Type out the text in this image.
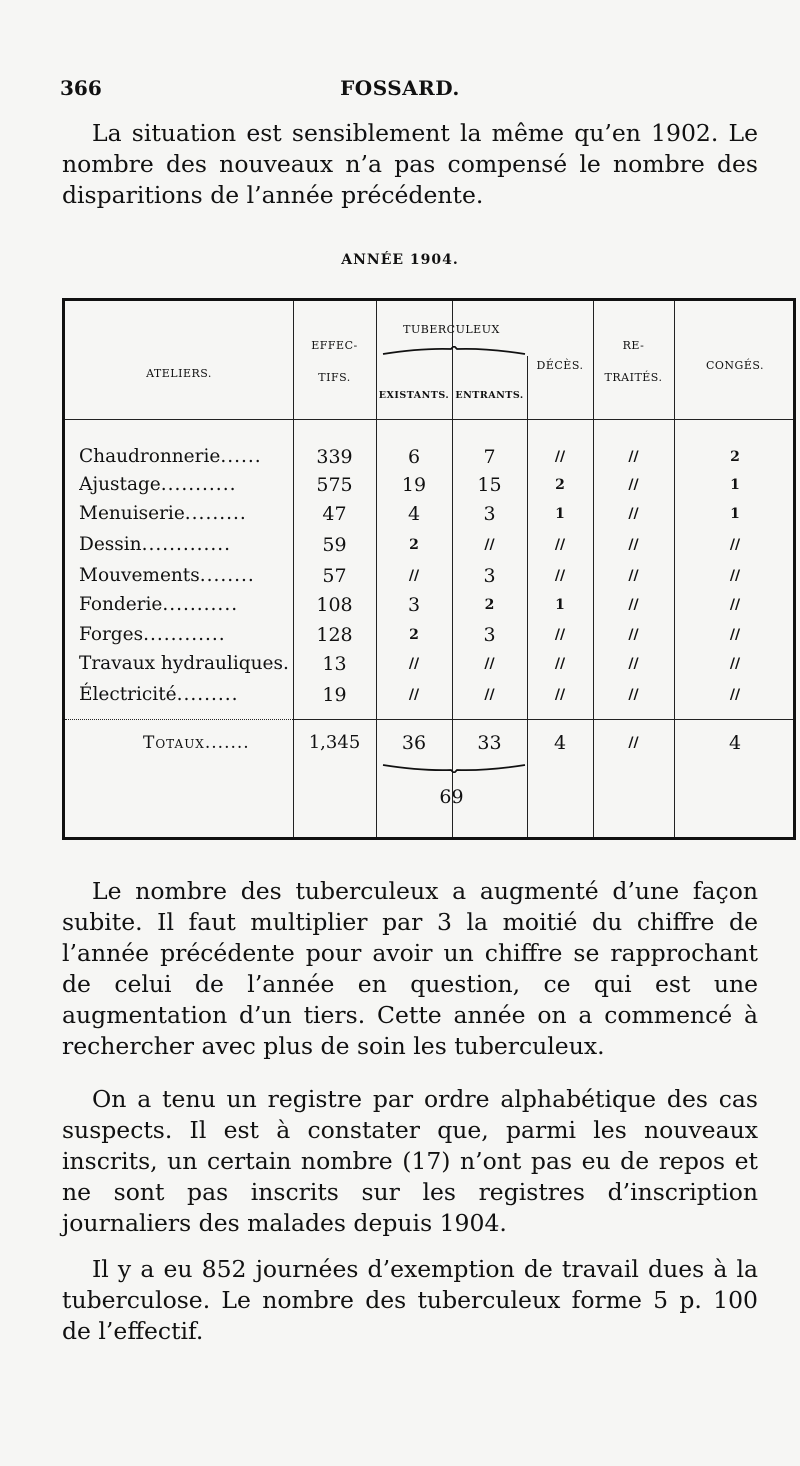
366	FOSSARD.
La situation est sensiblement la même qu’en 1902. Le nombre des nouveaux n’a pas compensé le nombre des disparitions de l’année précédente.
ANNÉE 1904.
ATELIERS.
EFFEC-
TIFS.
TUBERCULEUX
EXISTANTS. ENTRANTS.
DÉCÈS.
RE-
TRAITÉS.
CONGÉS.
Chaudronnerie......	339	6	7	//	//	2
Ajustage...........	575	19	15	2	//	1
Menuiserie.........	47	4	3	1	//	1
Dessin.............	59	2	//	//	//	//
Mouvements........	57	//	3	//	//	//
Fonderie...........	108	3	2	1	//	//
Forges............	128	2	3	//	//	//
Travaux hydrauliques.	13	//	//	//	//	//
Électricité.........	19	//	//	//	//	//
Totaux.......	1,345	36	33	4	//	4
69
Le nombre des tuberculeux a augmenté d’une façon subite. Il faut multiplier par 3 la moitié du chiffre de l’année précédente pour avoir un chiffre se rapprochant de celui de l’année en question, ce qui est une augmentation d’un tiers. Cette année on a commencé à rechercher avec plus de soin les tuberculeux.
On a tenu un registre par ordre alphabétique des cas suspects. Il est à constater que, parmi les nouveaux inscrits, un certain nombre (17) n’ont pas eu de repos et ne sont pas inscrits sur les registres d’inscription journaliers des malades depuis 1904.
Il y a eu 852 journées d’exemption de travail dues à la tuberculose. Le nombre des tuberculeux forme 5 p. 100 de l’effectif.
